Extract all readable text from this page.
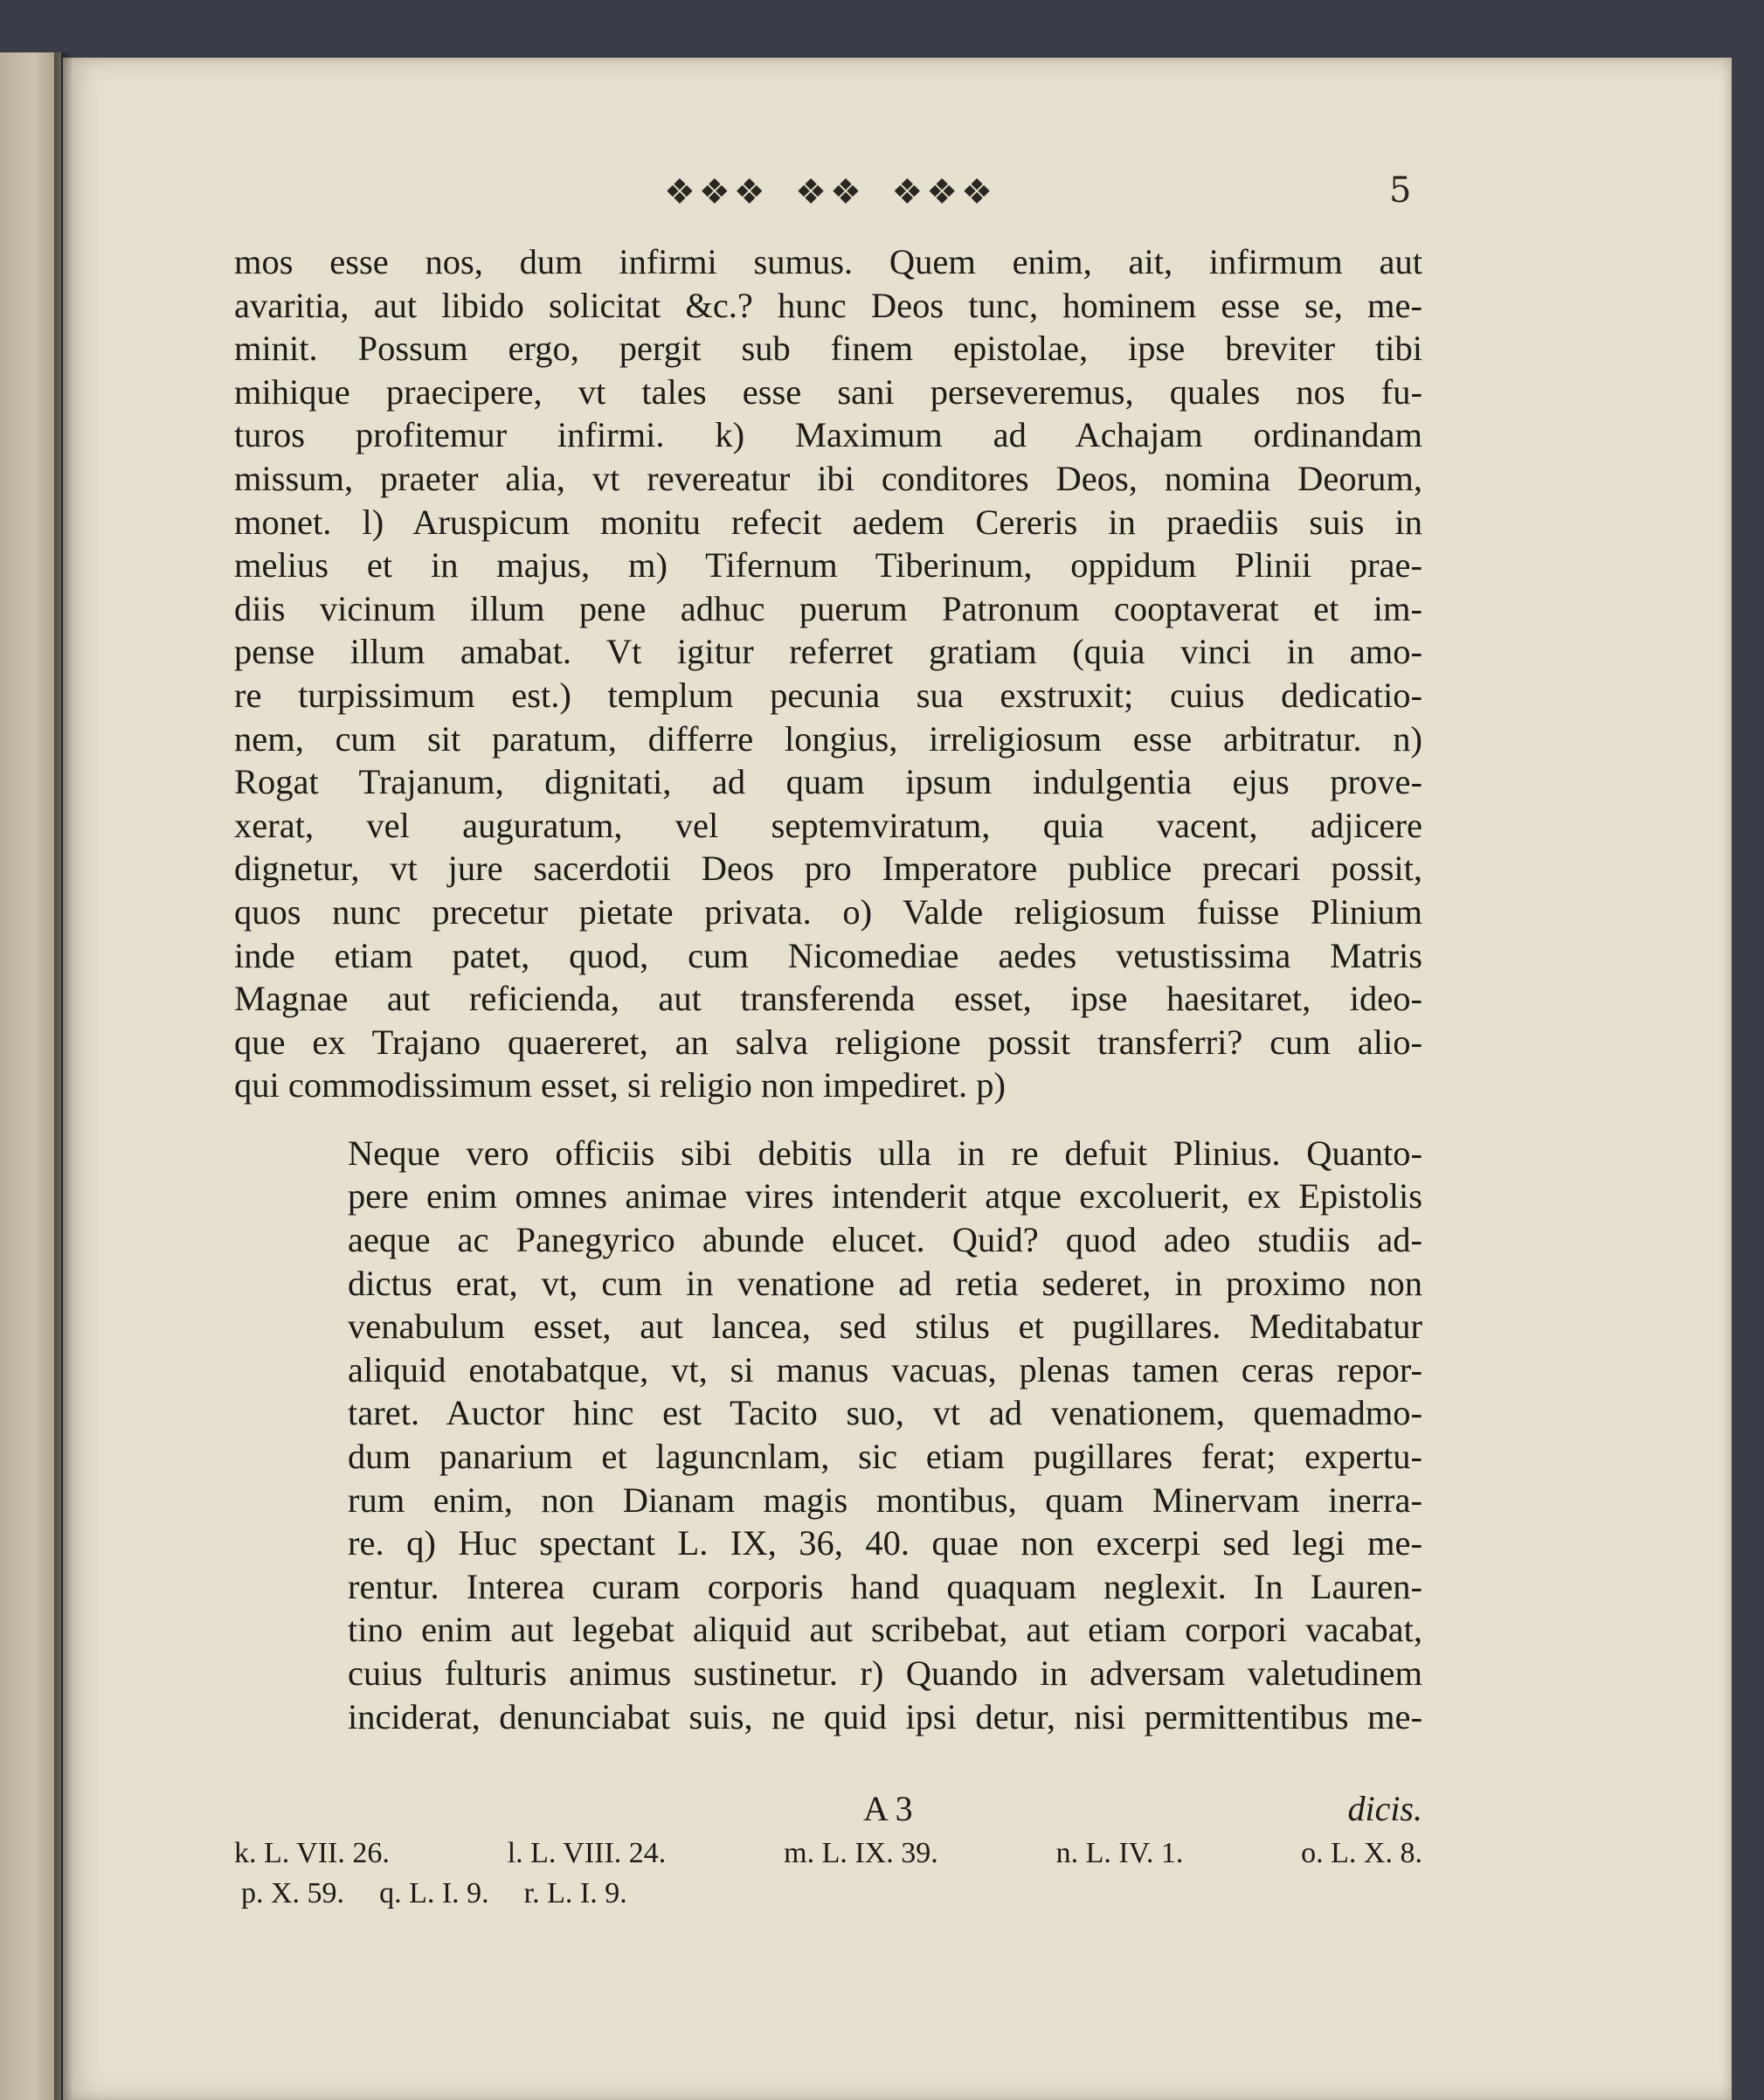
❖❖❖ ❖❖ ❖❖❖	5

mos esse nos, dum infirmi sumus. Quem enim, ait, infirmum aut
avaritia, aut libido solicitat &c.? hunc Deos tunc, hominem esse se, me-
minit. Possum ergo, pergit sub finem epistolae, ipse breviter tibi
mihique praecipere, vt tales esse sani perseveremus, quales nos fu-
turos profitemur infirmi. k) Maximum ad Achajam ordinandam
missum, praeter alia, vt revereatur ibi conditores Deos, nomina Deorum,
monet. l) Aruspicum monitu refecit aedem Cereris in praediis suis in
melius et in majus, m) Tifernum Tiberinum, oppidum Plinii prae-
diis vicinum illum pene adhuc puerum Patronum cooptaverat et im-
pense illum amabat. Vt igitur referret gratiam (quia vinci in amo-
re turpissimum est.) templum pecunia sua exstruxit; cuius dedicatio-
nem, cum sit paratum, differre longius, irreligiosum esse arbitratur. n)
Rogat Trajanum, dignitati, ad quam ipsum indulgentia ejus prove-
xerat, vel auguratum, vel septemviratum, quia vacent, adjicere
dignetur, vt jure sacerdotii Deos pro Imperatore publice precari possit,
quos nunc precetur pietate privata. o) Valde religiosum fuisse Plinium
inde etiam patet, quod, cum Nicomediae aedes vetustissima Matris
Magnae aut reficienda, aut transferenda esset, ipse haesitaret, ideo-
que ex Trajano quaereret, an salva religione possit transferri? cum alio-
qui commodissimum esset, si religio non impediret. p)

Neque vero officiis sibi debitis ulla in re defuit Plinius. Quanto-
pere enim omnes animae vires intenderit atque excoluerit, ex Epistolis
aeque ac Panegyrico abunde elucet. Quid? quod adeo studiis ad-
dictus erat, vt, cum in venatione ad retia sederet, in proximo non
venabulum esset, aut lancea, sed stilus et pugillares. Meditabatur
aliquid enotabatque, vt, si manus vacuas, plenas tamen ceras repor-
taret. Auctor hinc est Tacito suo, vt ad venationem, quemadmo-
dum panarium et laguncnlam, sic etiam pugillares ferat; expertu-
rum enim, non Dianam magis montibus, quam Minervam inerra-
re. q) Huc spectant L. IX, 36, 40. quae non excerpi sed legi me-
rentur. Interea curam corporis hand quaquam neglexit. In Lauren-
tino enim aut legebat aliquid aut scribebat, aut etiam corpori vacabat,
cuius fulturis animus sustinetur. r) Quando in adversam valetudinem
inciderat, denunciabat suis, ne quid ipsi detur, nisi permittentibus me-

A 3	dicis.
k. L. VII. 26.	l. L. VIII. 24.	m. L. IX. 39.	n. L. IV. 1.	o. L. X. 8.
p. X. 59. q. L. I. 9. r. L. I. 9.
